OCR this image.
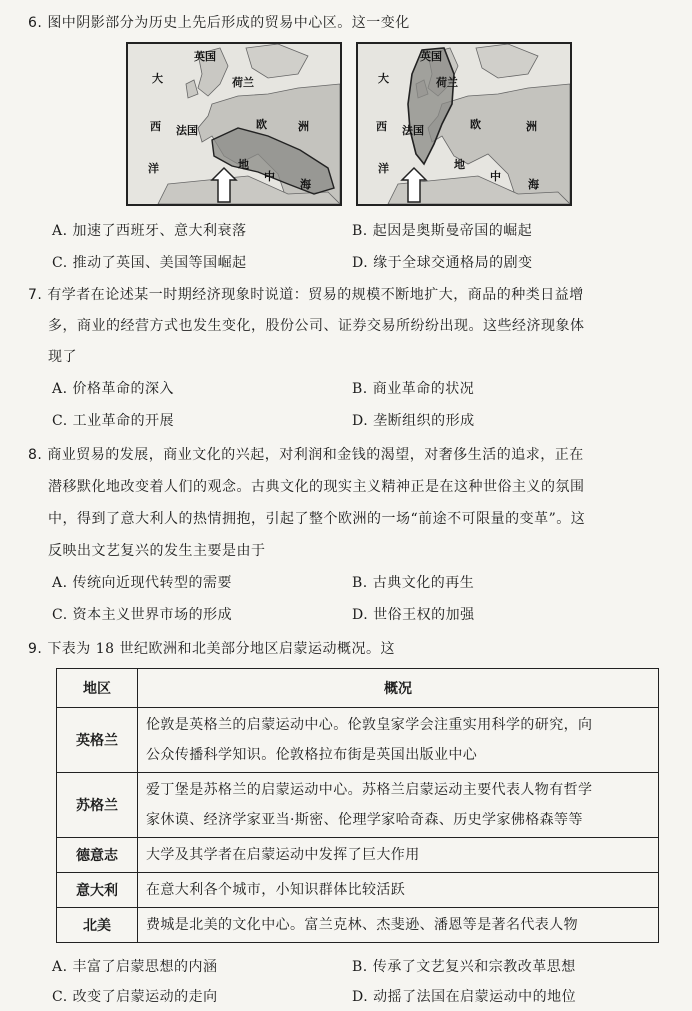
6. 图中阴影部分为历史上先后形成的贸易中心区。这一变化
英国
大	荷兰
西 法国	欧	洲
洋	地
中
海
英国
大	荷兰
西 法国	欧	洲
洋	地
中
海
A. 加速了西班牙、意大利衰落	B. 起因是奥斯曼帝国的崛起
C. 推动了英国、美国等国崛起	D. 缘于全球交通格局的剧变
7. 有学者在论述某一时期经济现象时说道：贸易的规模不断地扩大，商品的种类日益增
多，商业的经营方式也发生变化，股份公司、证券交易所纷纷出现。这些经济现象体
现了
A. 价格革命的深入	B. 商业革命的状况
C. 工业革命的开展	D. 垄断组织的形成
8. 商业贸易的发展，商业文化的兴起，对利润和金钱的渴望，对奢侈生活的追求，正在
潜移默化地改变着人们的观念。古典文化的现实主义精神正是在这种世俗主义的氛围
中，得到了意大利人的热情拥抱，引起了整个欧洲的一场“前途不可限量的变革”。这
反映出文艺复兴的发生主要是由于
A. 传统向近现代转型的需要	B. 古典文化的再生
C. 资本主义世界市场的形成	D. 世俗王权的加强
9. 下表为 18 世纪欧洲和北美部分地区启蒙运动概况。这
地区	概况
英格兰	伦敦是英格兰的启蒙运动中心。伦敦皇家学会注重实用科学的研究，向
公众传播科学知识。伦敦格拉布街是英国出版业中心

苏格兰	爱丁堡是苏格兰的启蒙运动中心。苏格兰启蒙运动主要代表人物有哲学
家休谟、经济学家亚当·斯密、伦理学家哈奇森、历史学家佛格森等等

德意志	大学及其学者在启蒙运动中发挥了巨大作用

意大利	在意大利各个城市，小知识群体比较活跃

北美	费城是北美的文化中心。富兰克林、杰斐逊、潘恩等是著名代表人物
A. 丰富了启蒙思想的内涵	B. 传承了文艺复兴和宗教改革思想
C. 改变了启蒙运动的走向	D. 动摇了法国在启蒙运动中的地位
